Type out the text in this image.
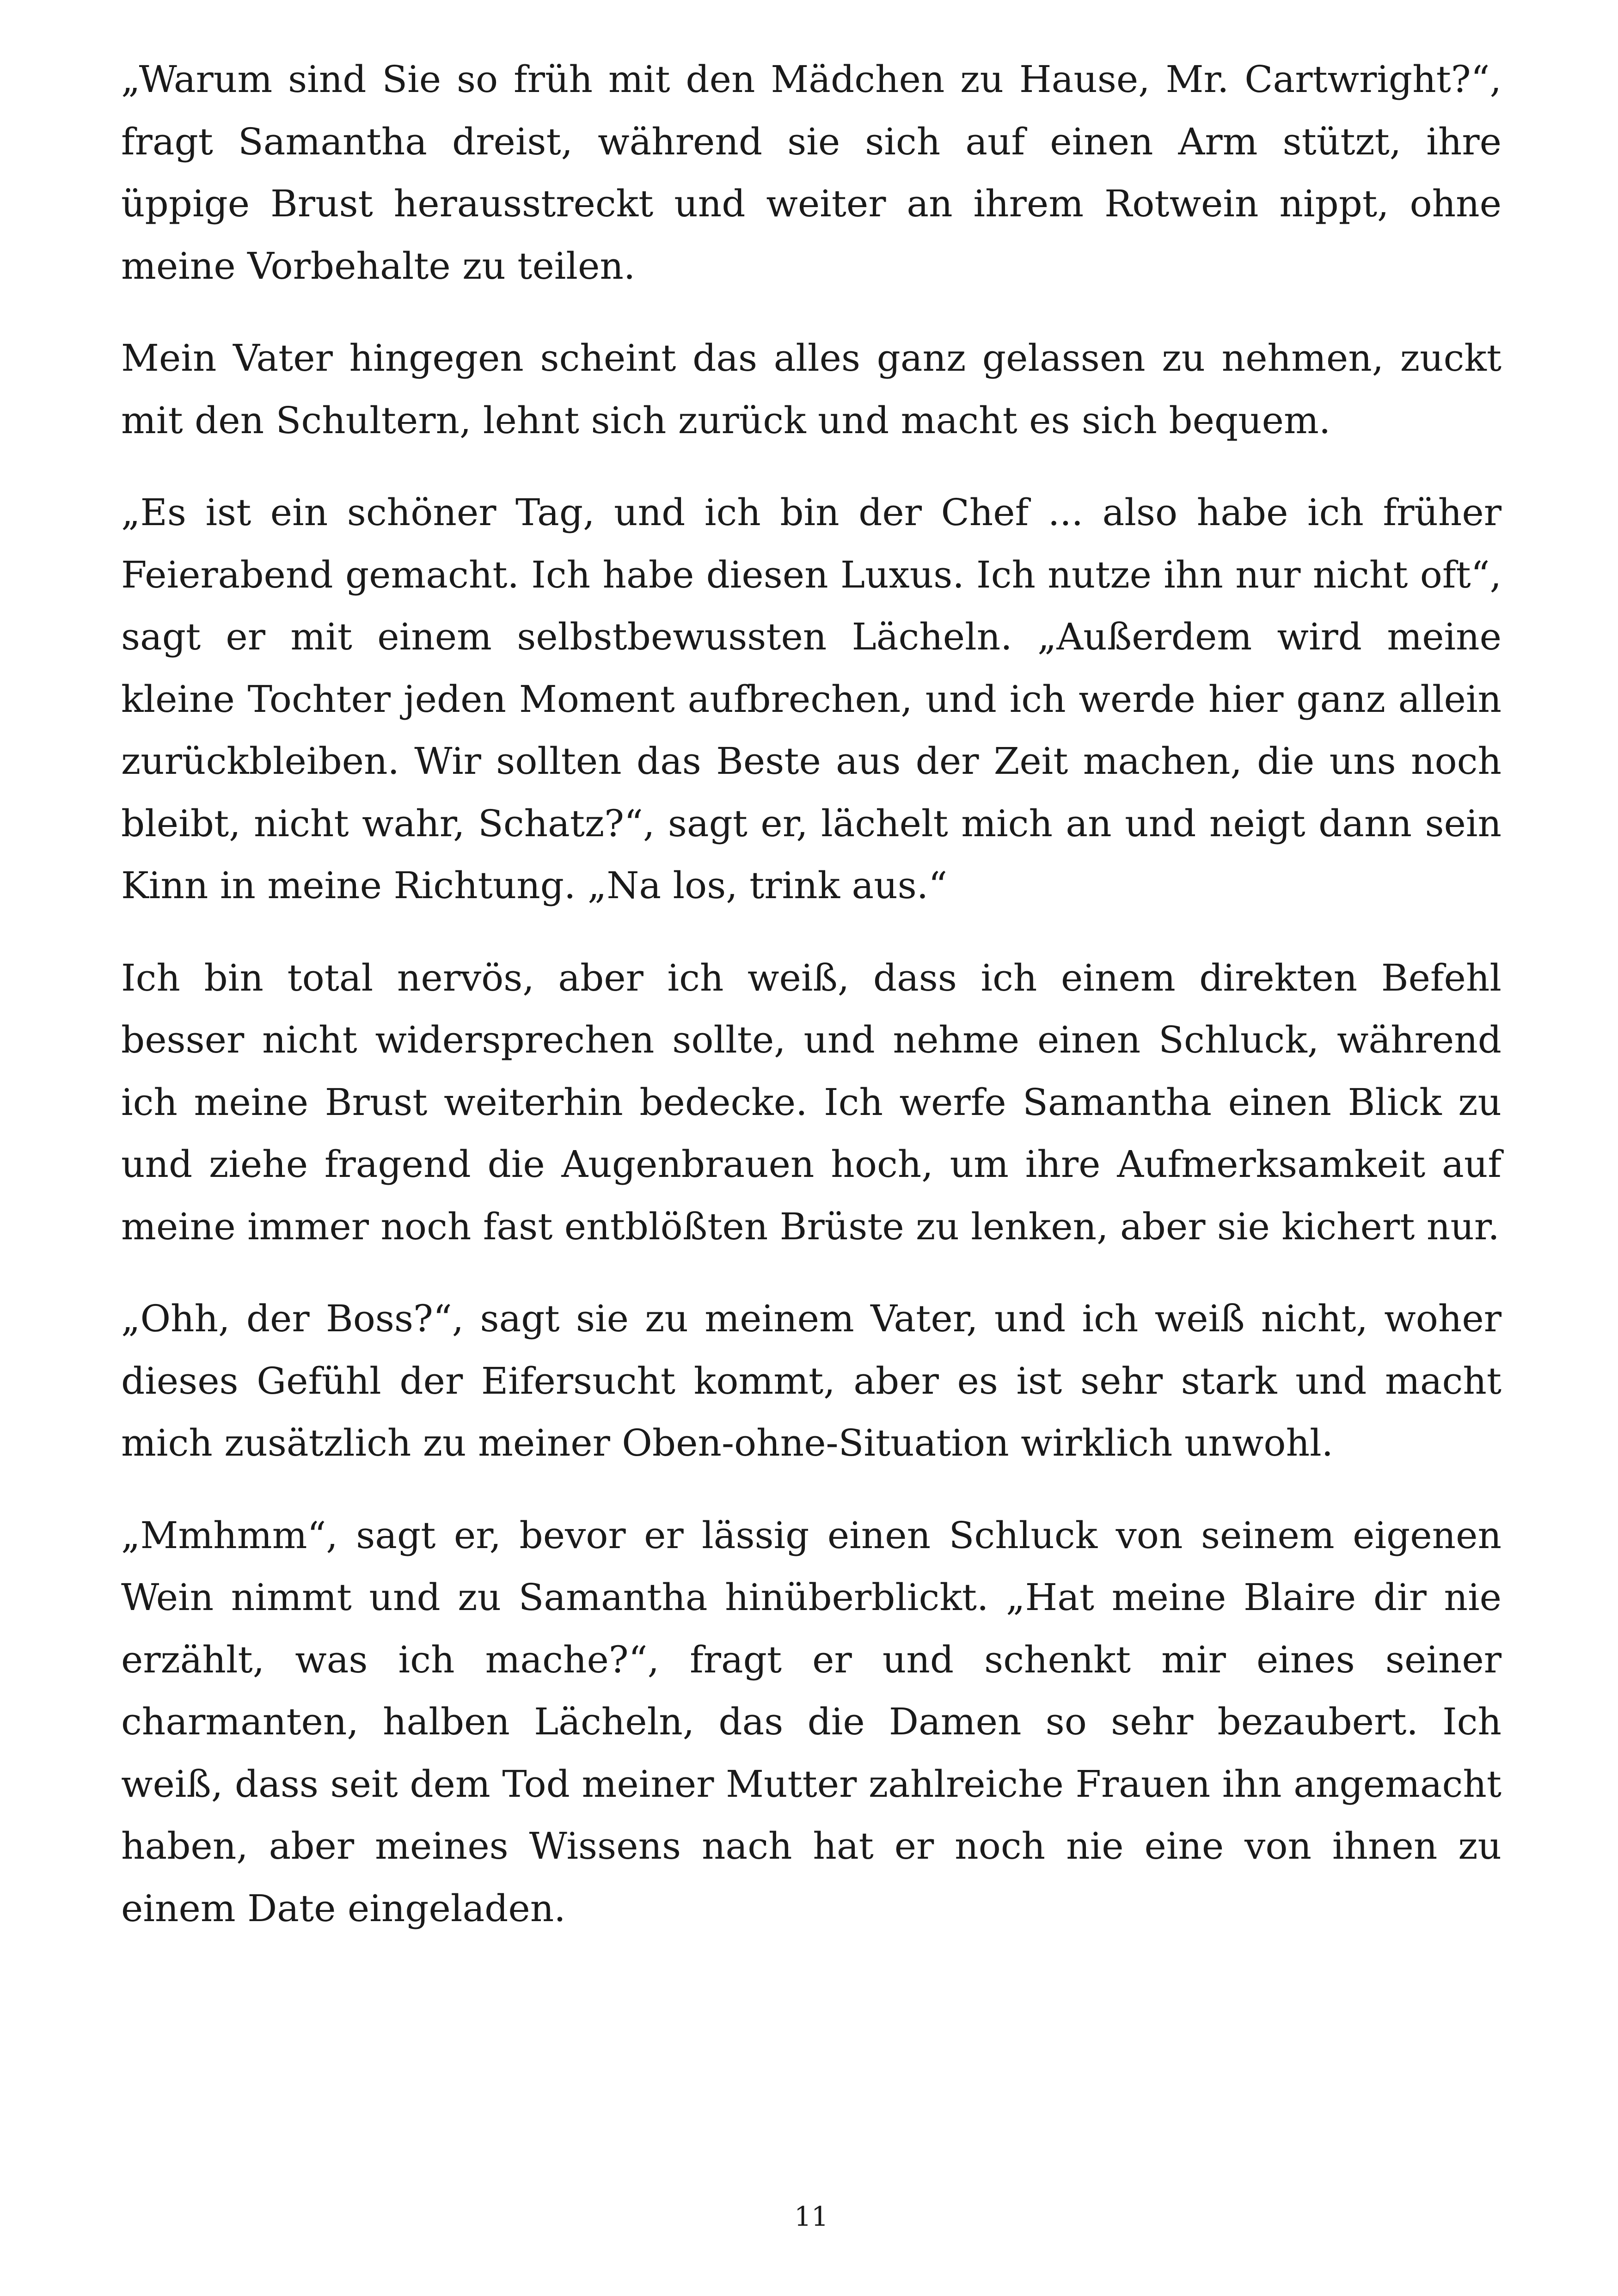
„Warum sind Sie so früh mit den Mädchen zu Hause, Mr. Cartwright?“, fragt Samantha dreist, während sie sich auf einen Arm stützt, ihre üppige Brust herausstreckt und weiter an ihrem Rotwein nippt, ohne meine Vorbehalte zu teilen.

Mein Vater hingegen scheint das alles ganz gelassen zu nehmen, zuckt mit den Schultern, lehnt sich zurück und macht es sich bequem.

„Es ist ein schöner Tag, und ich bin der Chef ... also habe ich früher Feierabend gemacht. Ich habe diesen Luxus. Ich nutze ihn nur nicht oft“, sagt er mit einem selbstbewussten Lächeln. „Außerdem wird meine kleine Tochter jeden Moment aufbrechen, und ich werde hier ganz allein zurückbleiben. Wir sollten das Beste aus der Zeit machen, die uns noch bleibt, nicht wahr, Schatz?“, sagt er, lächelt mich an und neigt dann sein Kinn in meine Richtung. „Na los, trink aus.“

Ich bin total nervös, aber ich weiß, dass ich einem direkten Befehl besser nicht widersprechen sollte, und nehme einen Schluck, während ich meine Brust weiterhin bedecke. Ich werfe Samantha einen Blick zu und ziehe fragend die Augenbrauen hoch, um ihre Aufmerksamkeit auf meine immer noch fast entblößten Brüste zu lenken, aber sie kichert nur.

„Ohh, der Boss?“, sagt sie zu meinem Vater, und ich weiß nicht, woher dieses Gefühl der Eifersucht kommt, aber es ist sehr stark und macht mich zusätzlich zu meiner Oben-ohne-Situation wirklich unwohl.

„Mmhmm“, sagt er, bevor er lässig einen Schluck von seinem eigenen Wein nimmt und zu Samantha hinüberblickt. „Hat meine Blaire dir nie erzählt, was ich mache?“, fragt er und schenkt mir eines seiner charmanten, halben Lächeln, das die Damen so sehr bezaubert. Ich weiß, dass seit dem Tod meiner Mutter zahlreiche Frauen ihn angemacht haben, aber meines Wissens nach hat er noch nie eine von ihnen zu einem Date eingeladen.

11
